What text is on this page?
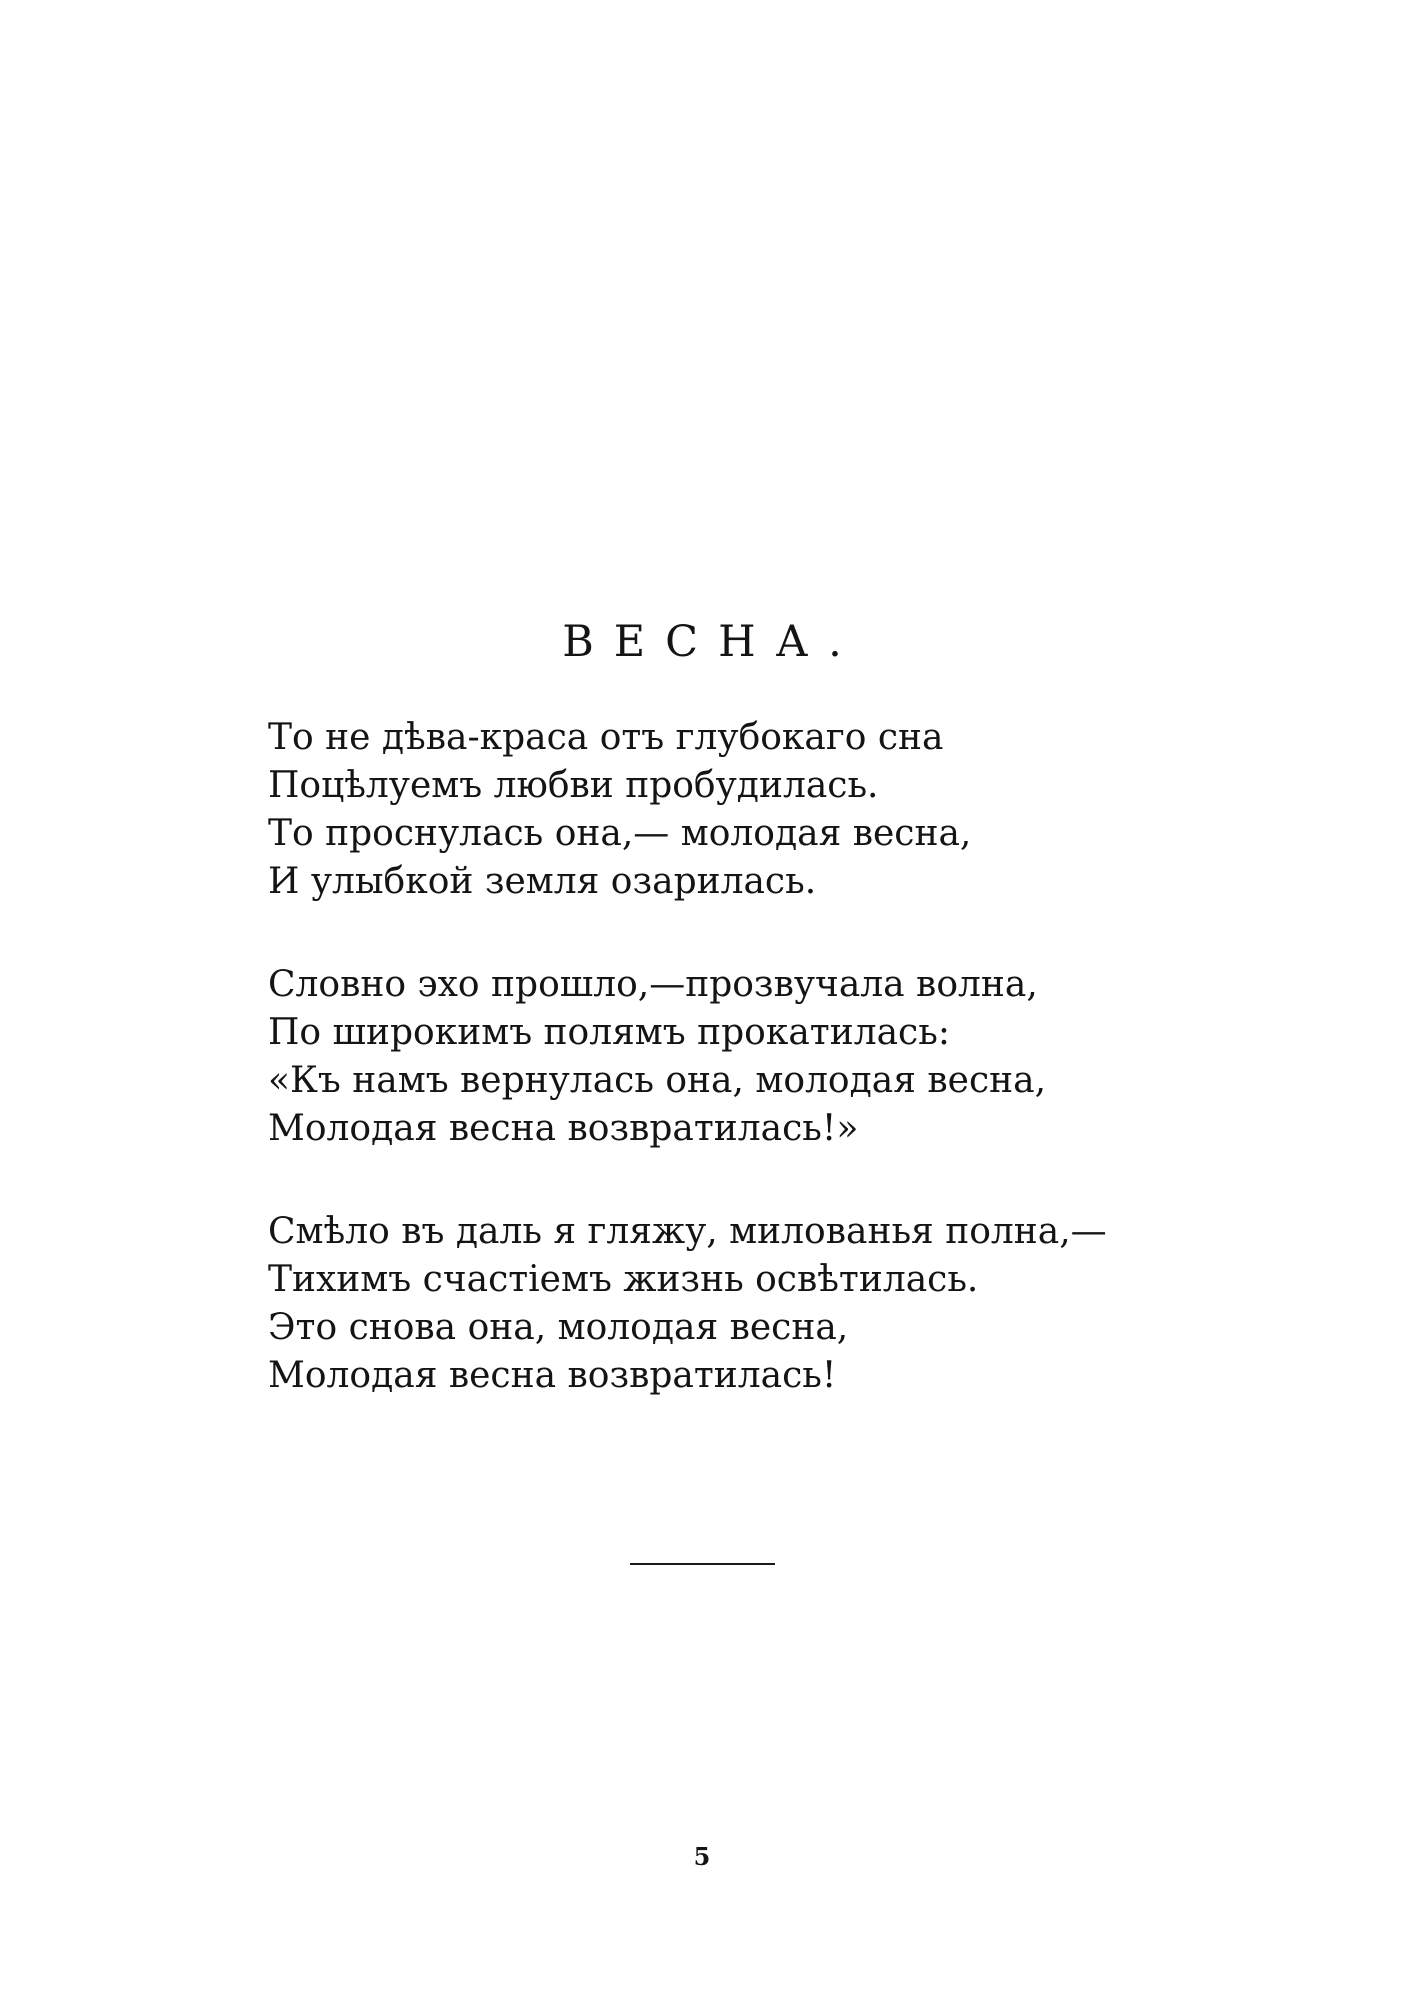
ВЕСНА.
То не дѣва-краса отъ глубокаго сна
Поцѣлуемъ любви пробудилась.
То проснулась она,— молодая весна,
И улыбкой земля озарилась.
Словно эхо прошло,—прозвучала волна,
По широкимъ полямъ прокатилась:
«Къ намъ вернулась она, молодая весна,
Молодая весна возвратилась!»
Смѣло въ даль я гляжу, милованья полна,—
Тихимъ счастіемъ жизнь освѣтилась.
Это снова она, молодая весна,
Молодая весна возвратилась!
5
